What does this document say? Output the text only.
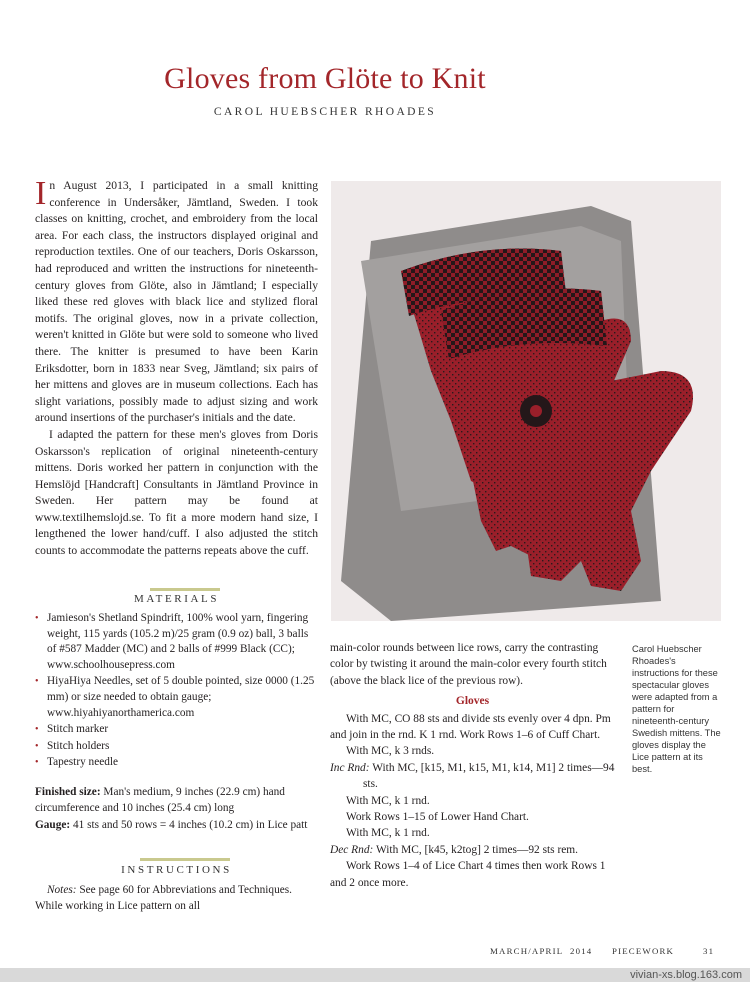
Gloves from Glöte to Knit
CAROL HUEBSCHER RHOADES

In August 2013, I participated in a small knitting conference in Undersåker, Jämtland, Sweden. I took classes on knitting, crochet, and embroidery from the local area. For each class, the instructors displayed original and reproduction textiles. One of our teachers, Doris Oskarsson, had reproduced and written the instructions for nineteenth-century gloves from Glöte, also in Jämtland; I especially liked these red gloves with black lice and stylized floral motifs. The original gloves, now in a private collection, weren't knitted in Glöte but were sold to someone who lived there. The knitter is presumed to have been Karin Eriksdotter, born in 1833 near Sveg, Jämtland; six pairs of her mittens and gloves are in museum collections. Each has slight variations, possibly made to adjust sizing and work around insertions of the purchaser's initials and the date.

I adapted the pattern for these men's gloves from Doris Oskarsson's replication of original nineteenth-century mittens. Doris worked her pattern in conjunction with the Hemslöjd [Handcraft] Consultants in Jämtland Province in Sweden. Her pattern may be found at www.textilhemslojd.se. To fit a more modern hand size, I lengthened the lower hand/cuff. I also adjusted the stitch counts to accommodate the patterns repeats above the cuff.

MATERIALS
• Jamieson's Shetland Spindrift, 100% wool yarn, fingering weight, 115 yards (105.2 m)/25 gram (0.9 oz) ball, 3 balls of #587 Madder (MC) and 2 balls of #999 Black (CC); www.schoolhousepress.com
• HiyaHiya Needles, set of 5 double pointed, size 0000 (1.25 mm) or size needed to obtain gauge; www.hiyahiyanorthamerica.com
• Stitch marker
• Stitch holders
• Tapestry needle

Finished size: Man's medium, 9 inches (22.9 cm) hand circumference and 10 inches (25.4 cm) long

Gauge: 41 sts and 50 rows = 4 inches (10.2 cm) in Lice patt

INSTRUCTIONS

Notes: See page 60 for Abbreviations and Techniques. While working in Lice pattern on all

main-color rounds between lice rows, carry the contrasting color by twisting it around the main-color every fourth stitch (above the black lice of the previous row).

Gloves

With MC, CO 88 sts and divide sts evenly over 4 dpn. Pm and join in the rnd. K 1 rnd. Work Rows 1–6 of Cuff Chart.

With MC, k 3 rnds.

Inc Rnd: With MC, [k15, M1, k15, M1, k14, M1] 2 times—94 sts.

With MC, k 1 rnd.

Work Rows 1–15 of Lower Hand Chart.

With MC, k 1 rnd.

Dec Rnd: With MC, [k45, k2tog] 2 times—92 sts rem.

Work Rows 1–4 of Lice Chart 4 times then work Rows 1 and 2 once more.

Carol Huebscher Rhoades's instructions for these spectacular gloves were adapted from a pattern for nineteenth-century Swedish mittens. The gloves display the Lice pattern at its best.
MARCH/APRIL 2014 PIECEWORK	31
vivian-xs.blog.163.com
